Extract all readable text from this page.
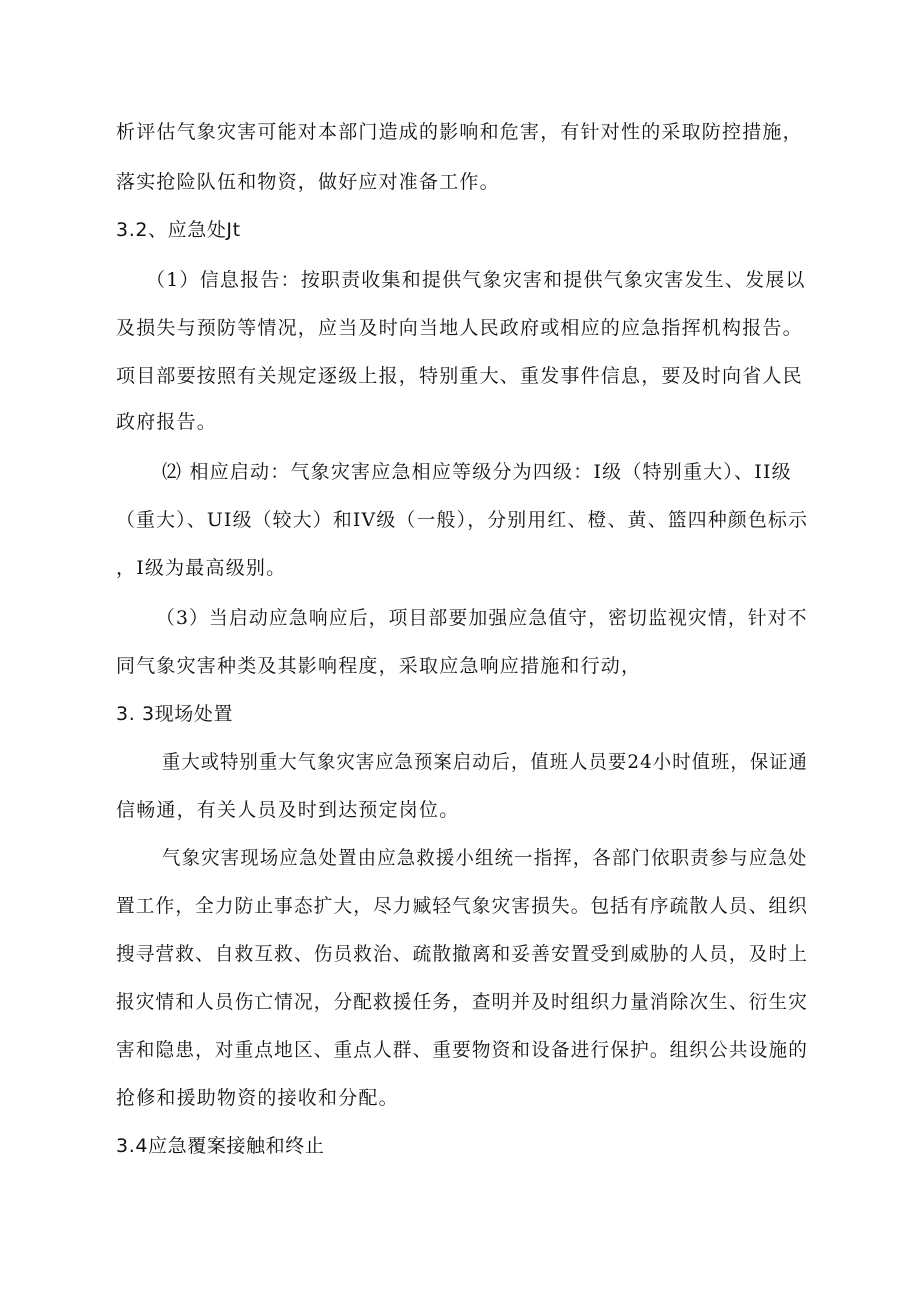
析评估气象灾害可能对本部门造成的影响和危害，有针对性的采取防控措施，
落实抢险队伍和物资，做好应对准备工作。
3.2、应急处Jt
（1）信息报告：按职责收集和提供气象灾害和提供气象灾害发生、发展以
及损失与预防等情况，应当及时向当地人民政府或相应的应急指挥机构报告。
项目部要按照有关规定逐级上报，特别重大、重发事件信息，要及时向省人民
政府报告。
⑵ 相应启动：气象灾害应急相应等级分为四级：I级（特别重大）、II级
（重大）、UI级（较大）和IV级（一般），分别用红、橙、黄、篮四种颜色标示
，I级为最高级别。
（3）当启动应急响应后，项目部要加强应急值守，密切监视灾情，针对不
同气象灾害种类及其影响程度，采取应急响应措施和行动，
3. 3现场处置
重大或特别重大气象灾害应急预案启动后，值班人员要24小时值班，保证通
信畅通，有关人员及时到达预定岗位。
气象灾害现场应急处置由应急救援小组统一指挥，各部门依职责参与应急处
置工作，全力防止事态扩大，尽力臧轻气象灾害损失。包括有序疏散人员、组织
搜寻营救、自救互救、伤员救治、疏散撤离和妥善安置受到威胁的人员，及时上
报灾情和人员伤亡情况，分配救援任务，查明并及时组织力量消除次生、衍生灾
害和隐患，对重点地区、重点人群、重要物资和设备进行保护。组织公共设施的
抢修和援助物资的接收和分配。
3.4应急覆案接触和终止
